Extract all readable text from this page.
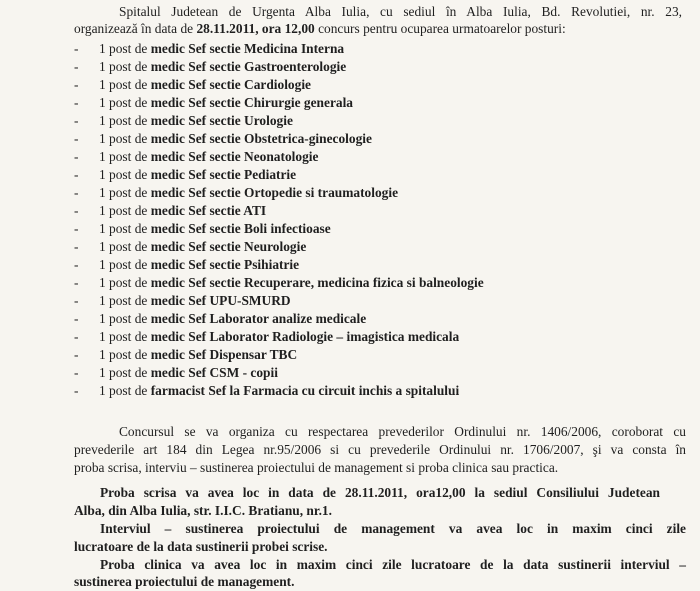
Spitalul Judetean de Urgenta Alba Iulia, cu sediul în Alba Iulia, Bd. Revolutiei, nr. 23,
organizează în data de 28.11.2011, ora 12,00 concurs pentru ocuparea urmatoarelor posturi:
-	1 post de
medic Sef sectie Medicina Interna
-	1 post de
medic Sef sectie Gastroenterologie
-	1 post de
medic Sef sectie Cardiologie
-	1 post de
medic Sef sectie Chirurgie generala
-	1 post de
medic Sef sectie Urologie
-	1 post de
medic Sef sectie Obstetrica-ginecologie
-	1 post de
medic Sef sectie Neonatologie
-	1 post de
medic Sef sectie Pediatrie
-	1 post de
medic Sef sectie Ortopedie si traumatologie
-	1 post de
medic Sef sectie ATI
-	1 post de
medic Sef sectie Boli infectioase
-	1 post de
medic Sef sectie Neurologie
-	1 post de
medic Sef sectie Psihiatrie
-	1 post de
medic Sef sectie Recuperare, medicina fizica si balneologie
-	1 post de
medic Sef UPU-SMURD
-	1 post de
medic Sef Laborator analize medicale
-	1 post de
medic Sef Laborator Radiologie – imagistica medicala
-	1 post de
medic Sef Dispensar TBC
-	1 post de
medic Sef CSM - copii
-	1 post de
farmacist Sef la Farmacia cu circuit inchis a spitalului
Concursul se va organiza cu respectarea prevederilor Ordinului nr. 1406/2006, coroborat cu
prevederile art 184 din Legea nr.95/2006 si cu prevederile Ordinului nr. 1706/2007, şi va consta în
proba scrisa, interviu – sustinerea proiectului de management si proba clinica sau practica.
Proba scrisa va avea loc in data de 28.11.2011, ora12,00 la sediul Consiliului Judetean
Alba, din Alba Iulia, str. I.I.C. Bratianu, nr.1.
Interviul – sustinerea proiectului de management va avea loc in maxim cinci zile
lucratoare de la data sustinerii probei scrise.
Proba clinica va avea loc in maxim cinci zile lucratoare de la data sustinerii interviul –
sustinerea proiectului de management.
